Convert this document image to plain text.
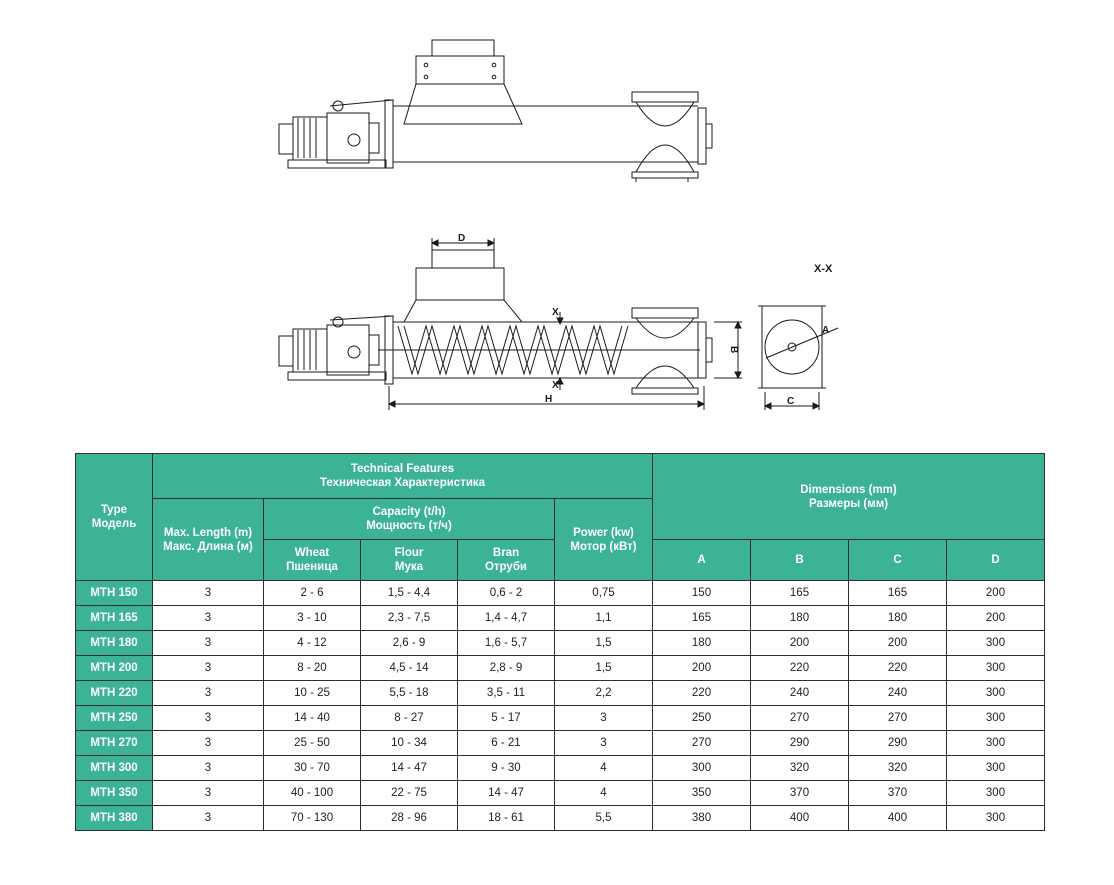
D
X
X
H
B
A
C
X-X
Type
Модель	Technical Features
Техническая Характеристика					Dimensions (mm)
Размеры (мм)			

	Max. Length (m)
Макс. Длина (м)	Capacity (t/h)
Мощность (т/ч)			Power (kw)
Мотор (кВт)				

		Wheat
Пшеница	Flour
Мука	Bran
Отруби		A	B	C	D
MTH 150	3	2 - 6	1,5 - 4,4	0,6 - 2	0,75	150	165	165	200
MTH 165	3	3 - 10	2,3 - 7,5	1,4 - 4,7	1,1	165	180	180	200
MTH 180	3	4 - 12	2,6 - 9	1,6 - 5,7	1,5	180	200	200	300
MTH 200	3	8 - 20	4,5 - 14	2,8 - 9	1,5	200	220	220	300
MTH 220	3	10 - 25	5,5 - 18	3,5 - 11	2,2	220	240	240	300
MTH 250	3	14 - 40	8 - 27	5 - 17	3	250	270	270	300
MTH 270	3	25 - 50	10 - 34	6 - 21	3	270	290	290	300
MTH 300	3	30 - 70	14 - 47	9 - 30	4	300	320	320	300
MTH 350	3	40 - 100	22 - 75	14 - 47	4	350	370	370	300
MTH 380	3	70 - 130	28 - 96	18 - 61	5,5	380	400	400	300
